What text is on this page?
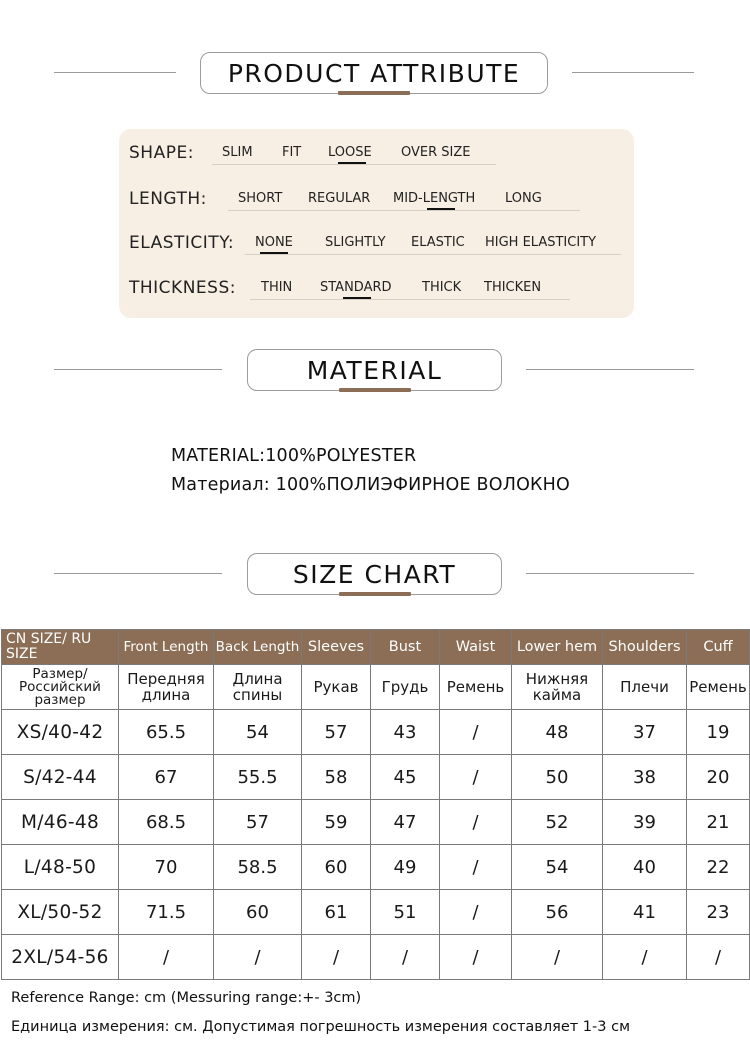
PRODUCT ATTRIBUTE
SHAPE: SLIM FIT LOOSE OVER SIZE
LENGTH: SHORT REGULAR MID-LENGTH LONG
ELASTICITY: NONE SLIGHTLY ELASTIC HIGH ELASTICITY
THICKNESS: THIN STANDARD THICK THICKEN
MATERIAL
MATERIAL:100%POLYESTER
Материал: 100%ПОЛИЭФИРНОЕ ВОЛОКНО
SIZE CHART
CN SIZE/ RU SIZE	Front Length	Back Length	Sleeves	Bust	Waist	Lower hem	Shoulders	Cuff
Размер/ Российский размер	Передняя длина	Длина спины	Рукав	Грудь	Ремень	Нижняя кайма	Плечи	Ремень
XS/40-42	65.5	54	57	43	/	48	37	19
S/42-44	67	55.5	58	45	/	50	38	20
M/46-48	68.5	57	59	47	/	52	39	21
L/48-50	70	58.5	60	49	/	54	40	22
XL/50-52	71.5	60	61	51	/	56	41	23
2XL/54-56	/	/	/	/	/	/	/	/
Reference Range: cm (Messuring range:+- 3cm)
Единица измерения: см. Допустимая погрешность измерения составляет 1-3 см
